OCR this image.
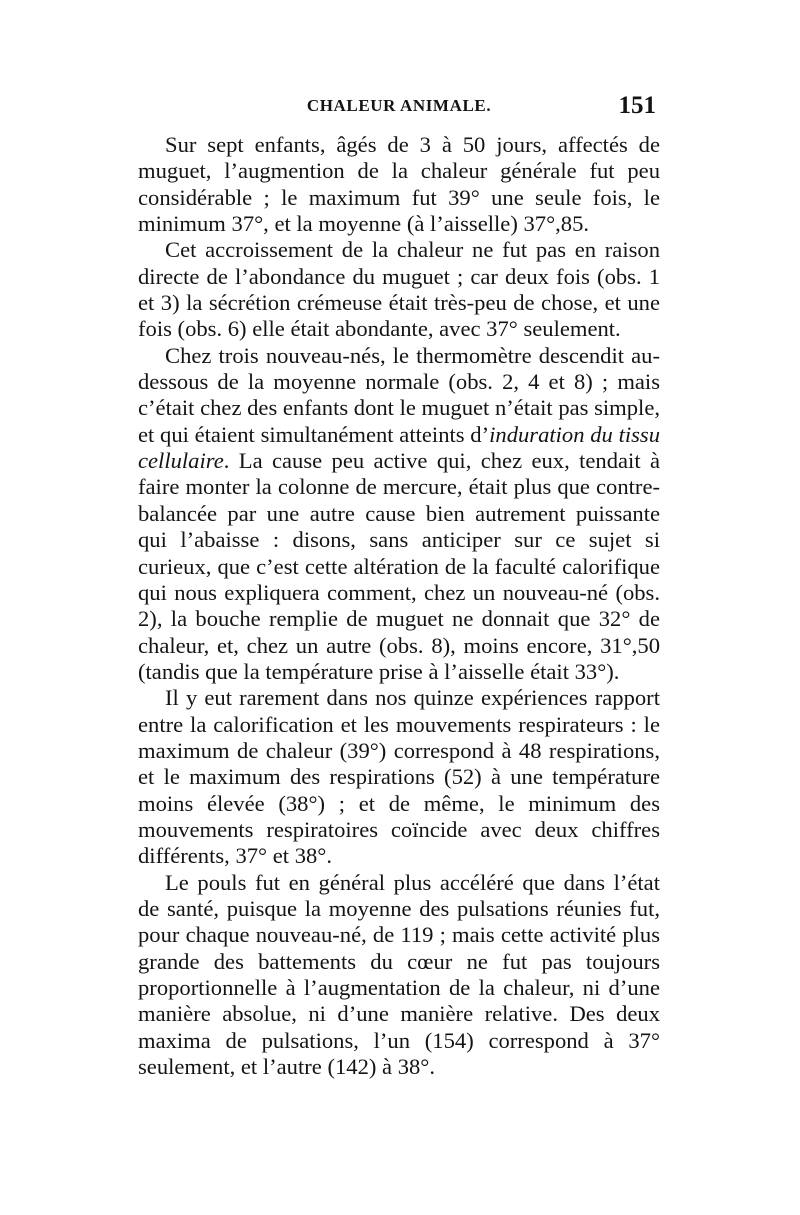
CHALEUR ANIMALE.	151

Sur sept enfants, âgés de 3 à 50 jours, affectés de muguet, l’augmention de la chaleur générale fut peu considérable ; le maximum fut 39° une seule fois, le minimum 37°, et la moyenne (à l’aisselle) 37°,85.

Cet accroissement de la chaleur ne fut pas en raison directe de l’abondance du muguet ; car deux fois (obs. 1 et 3) la sécrétion crémeuse était très-peu de chose, et une fois (obs. 6) elle était abondante, avec 37° seulement.

Chez trois nouveau-nés, le thermomètre descendit au-dessous de la moyenne normale (obs. 2, 4 et 8) ; mais c’était chez des enfants dont le muguet n’était pas simple, et qui étaient simultanément atteints d’induration du tissu cellulaire. La cause peu active qui, chez eux, tendait à faire monter la colonne de mercure, était plus que contre-balancée par une autre cause bien autrement puissante qui l’abaisse : disons, sans anticiper sur ce sujet si curieux, que c’est cette altération de la faculté calorifique qui nous expliquera comment, chez un nouveau-né (obs. 2), la bouche remplie de muguet ne donnait que 32° de chaleur, et, chez un autre (obs. 8), moins encore, 31°,50 (tandis que la température prise à l’aisselle était 33°).

Il y eut rarement dans nos quinze expériences rapport entre la calorification et les mouvements respirateurs : le maximum de chaleur (39°) correspond à 48 respirations, et le maximum des respirations (52) à une température moins élevée (38°) ; et de même, le minimum des mouvements respiratoires coïncide avec deux chiffres différents, 37° et 38°.

Le pouls fut en général plus accéléré que dans l’état de santé, puisque la moyenne des pulsations réunies fut, pour chaque nouveau-né, de 119 ; mais cette activité plus grande des battements du cœur ne fut pas toujours proportionnelle à l’augmentation de la chaleur, ni d’une manière absolue, ni d’une manière relative. Des deux maxima de pulsations, l’un (154) correspond à 37° seulement, et l’autre (142) à 38°.
